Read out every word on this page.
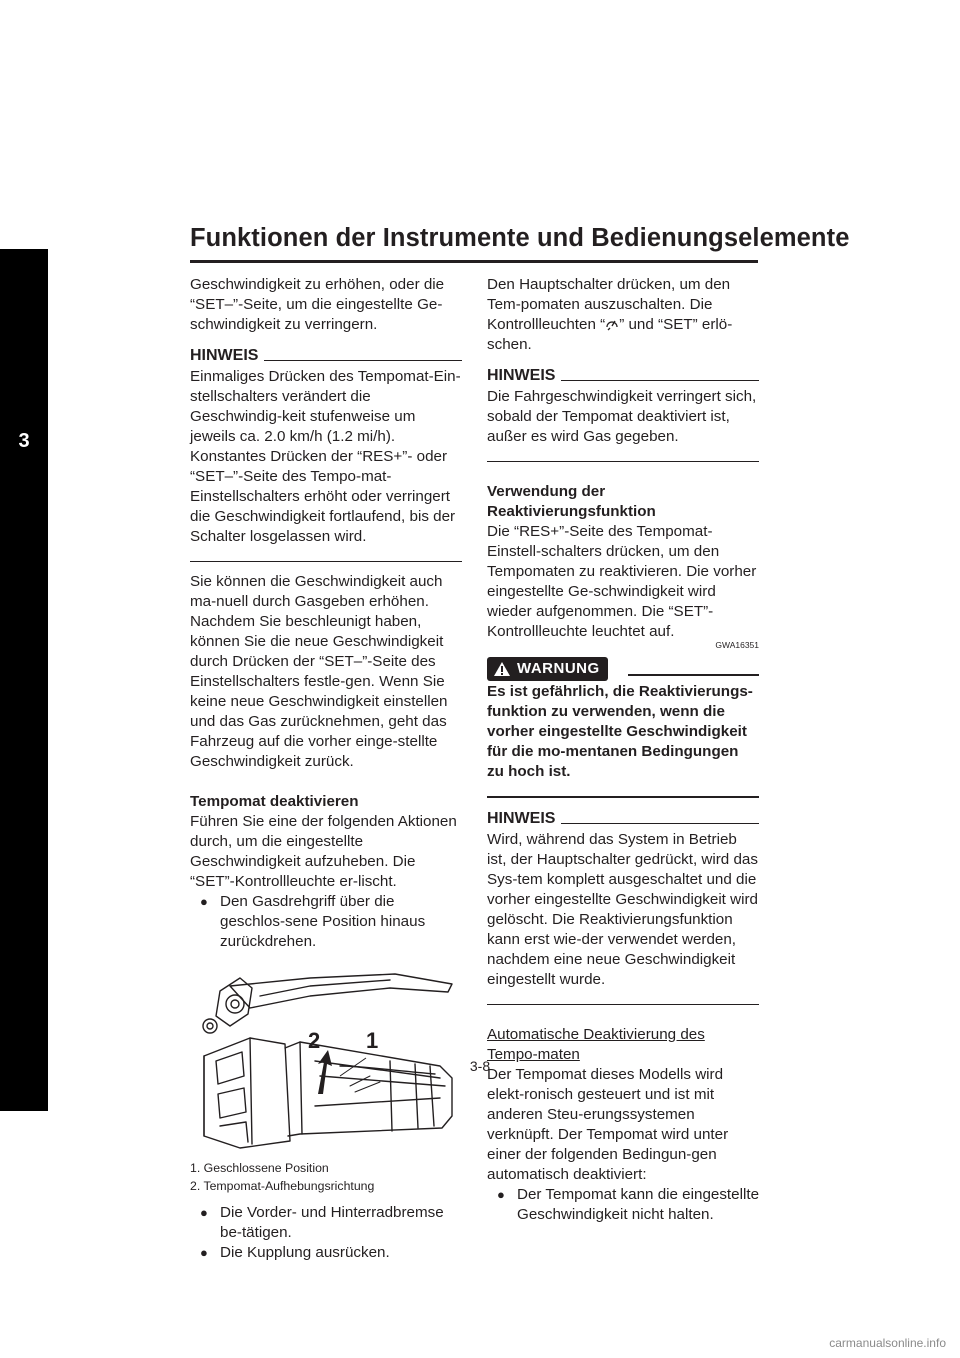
Funktionen der Instrumente und Bedienungselemente
3

Geschwindigkeit zu erhöhen, oder die “SET–”-Seite, um die eingestellte Ge-schwindigkeit zu verringern.

HINWEIS

Einmaliges Drücken des Tempomat-Ein-stellschalters verändert die Geschwindig-keit stufenweise um jeweils ca. 2.0 km/h (1.2 mi/h). Konstantes Drücken der “RES+”- oder “SET–”-Seite des Tempo-mat-Einstellschalters erhöht oder verringert die Geschwindigkeit fortlaufend, bis der Schalter losgelassen wird.

Sie können die Geschwindigkeit auch ma-nuell durch Gasgeben erhöhen. Nachdem Sie beschleunigt haben, können Sie die neue Geschwindigkeit durch Drücken der “SET–”-Seite des Einstellschalters festle-gen. Wenn Sie keine neue Geschwindigkeit einstellen und das Gas zurücknehmen, geht das Fahrzeug auf die vorher einge-stellte Geschwindigkeit zurück.

Tempomat deaktivieren

Führen Sie eine der folgenden Aktionen durch, um die eingestellte Geschwindigkeit aufzuheben. Die “SET”-Kontrollleuchte er-lischt.

● Den Gasdrehgriff über die geschlos-sene Position hinaus zurückdrehen.
2 1
1. Geschlossene Position
2. Tempomat-Aufhebungsrichtung
● Die Vorder- und Hinterradbremse be-tätigen.
● Die Kupplung ausrücken.

Den Hauptschalter drücken, um den Tem-pomaten auszuschalten. Die Kontrollleuchten “ ” und “SET” erlö-schen.

HINWEIS

Die Fahrgeschwindigkeit verringert sich, sobald der Tempomat deaktiviert ist, außer es wird Gas gegeben.

Verwendung der Reaktivierungsfunktion

Die “RES+”-Seite des Tempomat-Einstell-schalters drücken, um den Tempomaten zu reaktivieren. Die vorher eingestellte Ge-schwindigkeit wird wieder aufgenommen. Die “SET”-Kontrollleuchte leuchtet auf.

GWA16351
WARNUNG

Es ist gefährlich, die Reaktivierungs-funktion zu verwenden, wenn die vorher eingestellte Geschwindigkeit für die mo-mentanen Bedingungen zu hoch ist.

HINWEIS

Wird, während das System in Betrieb ist, der Hauptschalter gedrückt, wird das Sys-tem komplett ausgeschaltet und die vorher eingestellte Geschwindigkeit wird gelöscht. Die Reaktivierungsfunktion kann erst wie-der verwendet werden, nachdem eine neue Geschwindigkeit eingestellt wurde.

Automatische Deaktivierung des Tempo-maten

Der Tempomat dieses Modells wird elekt-ronisch gesteuert und ist mit anderen Steu-erungssystemen verknüpft. Der Tempomat wird unter einer der folgenden Bedingun-gen automatisch deaktiviert:

● Der Tempomat kann die eingestellte Geschwindigkeit nicht halten.
3-8
carmanualsonline.info
